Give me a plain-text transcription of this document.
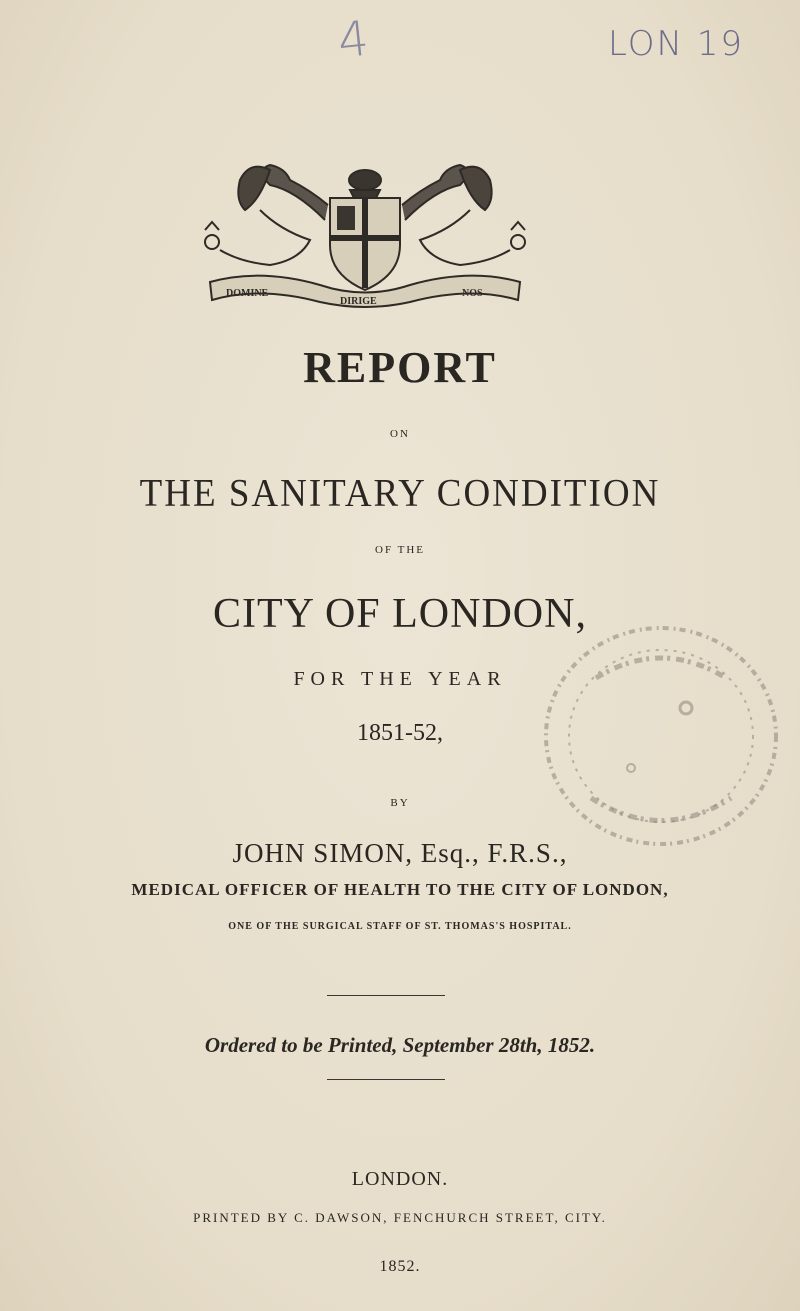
4	LON 19
DOMINE
DIRIGE
NOS
REPORT
ON
THE SANITARY CONDITION
OF THE
CITY OF LONDON,
FOR THE YEAR
1851-52,
BY
JOHN SIMON, Esq., F.R.S.,
MEDICAL OFFICER OF HEALTH TO THE CITY OF LONDON,
ONE OF THE SURGICAL STAFF OF ST. THOMAS'S HOSPITAL.
Ordered to be Printed, September 28th, 1852.
LONDON.
PRINTED BY C. DAWSON, FENCHURCH STREET, CITY.
1852.
